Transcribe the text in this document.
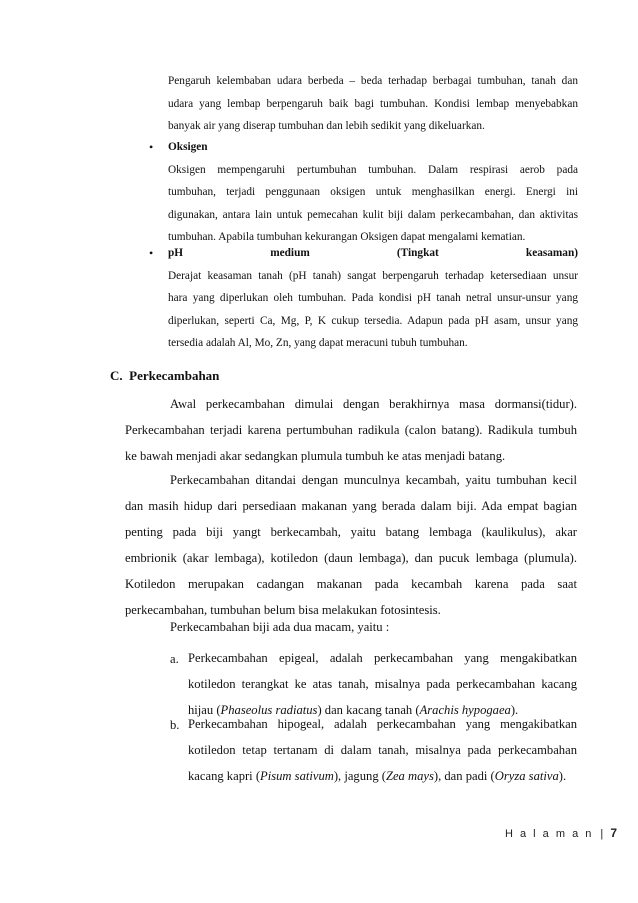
Pengaruh kelembaban udara berbeda – beda terhadap berbagai tumbuhan, tanah dan
udara yang lembap berpengaruh baik bagi tumbuhan. Kondisi lembap menyebabkan
banyak air yang diserap tumbuhan dan lebih sedikit yang dikeluarkan.
• Oksigen
Oksigen mempengaruhi pertumbuhan tumbuhan. Dalam respirasi aerob pada
tumbuhan, terjadi penggunaan oksigen untuk menghasilkan energi. Energi ini
digunakan, antara lain untuk pemecahan kulit biji dalam perkecambahan, dan aktivitas
tumbuhan. Apabila tumbuhan kekurangan Oksigen dapat mengalami kematian.
• pH medium (Tingkat keasaman)
Derajat keasaman tanah (pH tanah) sangat berpengaruh terhadap ketersediaan unsur
hara yang diperlukan oleh tumbuhan. Pada kondisi pH tanah netral unsur-unsur yang
diperlukan, seperti Ca, Mg, P, K cukup tersedia. Adapun pada pH asam, unsur yang
tersedia adalah Al, Mo, Zn, yang dapat meracuni tubuh tumbuhan.
C.  Perkecambahan
Awal perkecambahan dimulai dengan berakhirnya masa dormansi(tidur).
Perkecambahan terjadi karena pertumbuhan radikula (calon batang). Radikula tumbuh
ke bawah menjadi akar sedangkan plumula tumbuh ke atas menjadi batang.
Perkecambahan ditandai dengan munculnya kecambah, yaitu tumbuhan kecil
dan masih hidup dari persediaan makanan yang berada dalam biji. Ada empat bagian
penting pada biji yangt berkecambah, yaitu batang lembaga (kaulikulus), akar
embrionik (akar lembaga), kotiledon (daun lembaga), dan pucuk lembaga (plumula).
Kotiledon merupakan cadangan makanan pada kecambah karena pada saat
perkecambahan, tumbuhan belum bisa melakukan fotosintesis.
Perkecambahan biji ada dua macam, yaitu :
a. Perkecambahan epigeal, adalah perkecambahan yang mengakibatkan
kotiledon terangkat ke atas tanah, misalnya pada perkecambahan kacang
hijau (Phaseolus radiatus) dan kacang tanah (Arachis hypogaea).
b. Perkecambahan hipogeal, adalah perkecambahan yang mengakibatkan
kotiledon tetap tertanam di dalam tanah, misalnya pada perkecambahan
kacang kapri (Pisum sativum), jagung (Zea mays), dan padi (Oryza sativa).
H a l a m a n | 7
